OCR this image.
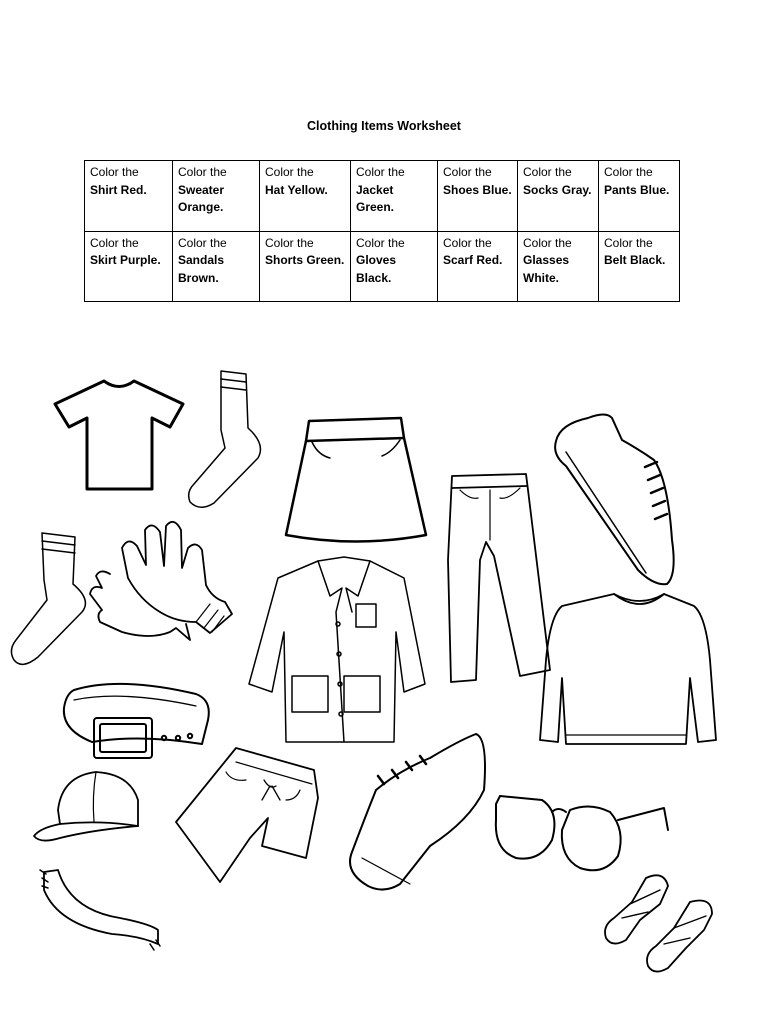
Clothing Items Worksheet
Color the
Shirt Red.	Color the
Sweater Orange.	Color the
Hat Yellow.	Color the
Jacket Green.	Color the
Shoes Blue.	Color the
Socks Gray.	Color the
Pants Blue.

Color the
Skirt Purple.	Color the
Sandals Brown.	Color the
Shorts Green.	Color the
Gloves Black.	Color the
Scarf Red.	Color the
Glasses White.	Color the
Belt Black.
